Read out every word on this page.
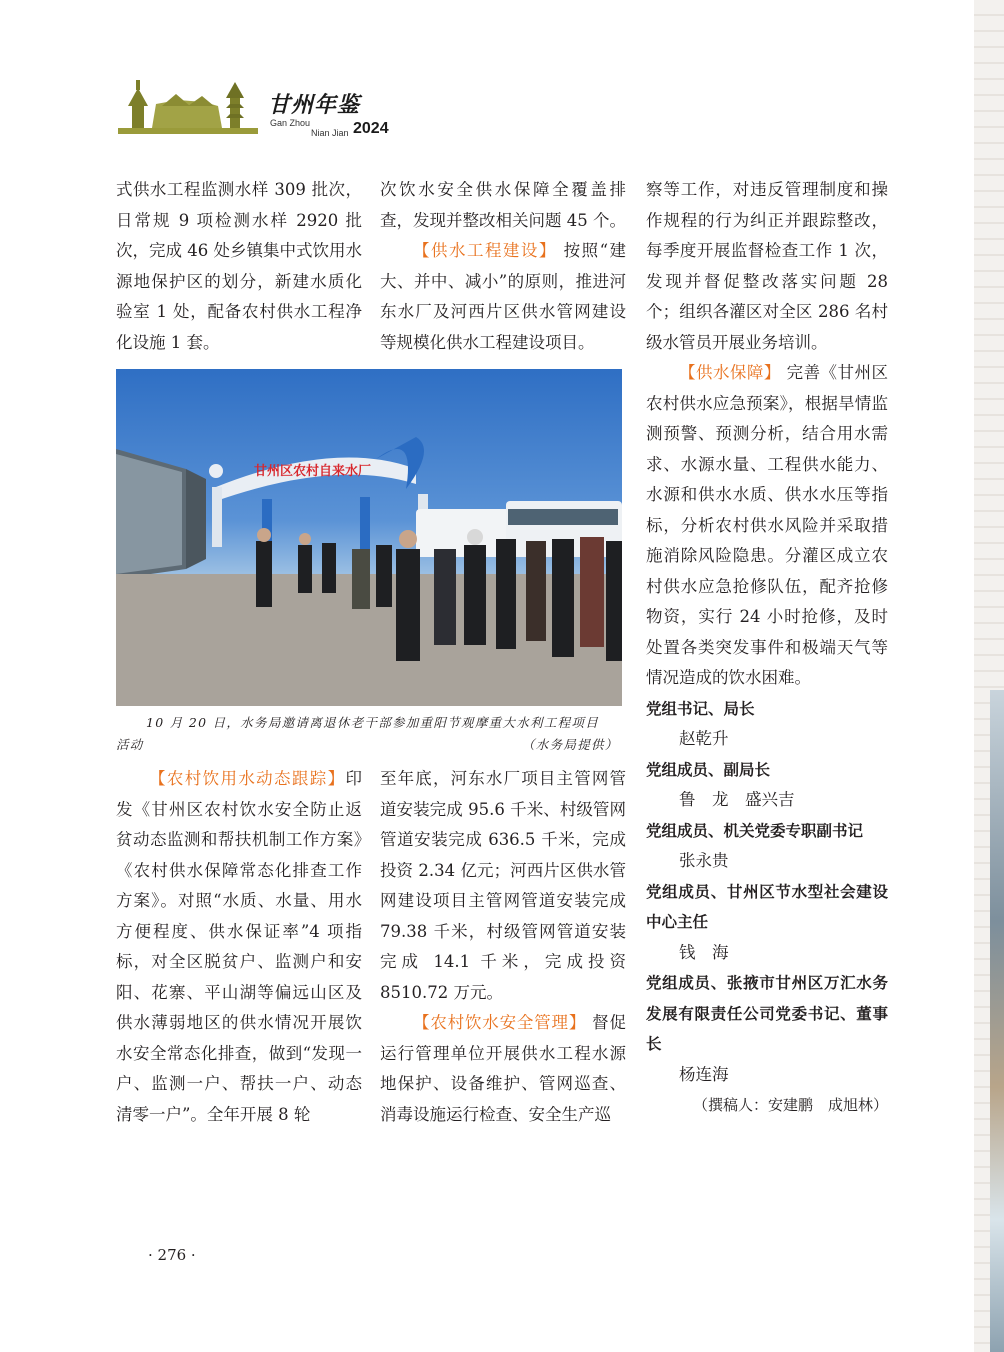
甘州年鉴
Gan Zhou
Nian Jian 2024

式供水工程监测水样 309 批次，日常规 9 项检测水样 2920 批次，完成 46 处乡镇集中式饮用水源地保护区的划分，新建水质化验室 1 处，配备农村供水工程净化设施 1 套。

次饮水安全供水保障全覆盖排查，发现并整改相关问题 45 个。

【供水工程建设】 按照“建大、并中、减小”的原则，推进河东水厂及河西片区供水管网建设等规模化供水工程建设项目。

甘州区农村自来水厂
10 月 20 日，水务局邀请离退休老干部参加重阳节观摩重大水利工程项目
活动	（水务局提供）

【农村饮用水动态跟踪】印发《甘州区农村饮水安全防止返贫动态监测和帮扶机制工作方案》《农村供水保障常态化排查工作方案》。对照“水质、水量、用水方便程度、供水保证率”4 项指标，对全区脱贫户、监测户和安阳、花寨、平山湖等偏远山区及供水薄弱地区的供水情况开展饮水安全常态化排查，做到“发现一户、监测一户、帮扶一户、动态清零一户”。全年开展 8 轮

至年底，河东水厂项目主管网管道安装完成 95.6 千米、村级管网管道安装完成 636.5 千米，完成投资 2.34 亿元；河西片区供水管网建设项目主管网管道安装完成 79.38 千米，村级管网管道安装完成 14.1 千米，完成投资 8510.72 万元。

【农村饮水安全管理】 督促运行管理单位开展供水工程水源地保护、设备维护、管网巡查、消毒设施运行检查、安全生产巡

察等工作，对违反管理制度和操作规程的行为纠正并跟踪整改，每季度开展监督检查工作 1 次，发现并督促整改落实问题 28 个；组织各灌区对全区 286 名村级水管员开展业务培训。

【供水保障】 完善《甘州区农村供水应急预案》，根据旱情监测预警、预测分析，结合用水需求、水源水量、工程供水能力、水源和供水水质、供水水压等指标，分析农村供水风险并采取措施消除风险隐患。分灌区成立农村供水应急抢修队伍，配齐抢修物资，实行 24 小时抢修，及时处置各类突发事件和极端天气等情况造成的饮水困难。

党组书记、局长

赵乾升

党组成员、副局长

鲁　龙　盛兴吉

党组成员、机关党委专职副书记

张永贵

党组成员、甘州区节水型社会建设中心主任

钱　海

党组成员、张掖市甘州区万汇水务发展有限责任公司党委书记、董事长

杨连海

（撰稿人：安建鹏　成旭林）

· 276 ·
